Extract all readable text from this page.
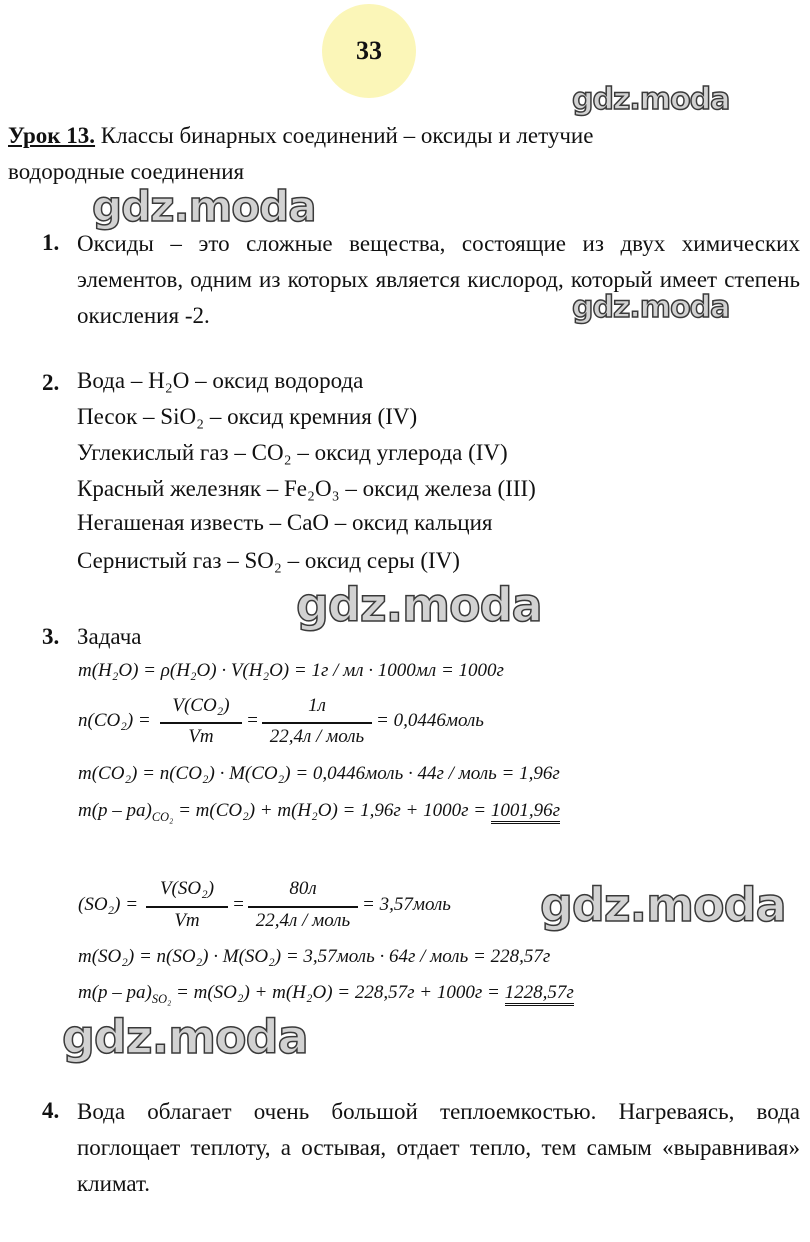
33
gdz.moda
gdz.moda
gdz.moda
gdz.moda
gdz.moda
gdz.moda
Урок 13. Классы бинарных соединений – оксиды и летучие водородные соединения
1. Оксиды – это сложные вещества, состоящие из двух химических элементов, одним из которых является кислород, который имеет степень окисления -2.
2. Вода – H₂O – оксид водорода
Песок – SiO₂ – оксид кремния (IV)
Углекислый газ – CO₂ – оксид углерода (IV)
Красный железняк – Fe₂O₃ – оксид железа (III)
Негашеная известь – CaO – оксид кальция
Сернистый газ – SO₂ – оксид серы (IV)
3. Задача
m(H₂O) = ρ(H₂O) · V(H₂O) = 1г / мл · 1000мл = 1000г
n(CO₂) =
V(CO₂)
Vm
=
1л
22,4л / моль
= 0,0446моль
m(CO₂) = n(CO₂) · M(CO₂) = 0,0446моль · 44г / моль = 1,96г
$m(p - pa)_{CO_2} = m(CO_2) + m(H_2O) = 1,96г + 1000г = 1001,96г$
(SO₂) =
V(SO₂)
Vm
=
80л
22,4л / моль
= 3,57моль
m(SO₂) = n(SO₂) · M(SO₂) = 3,57моль · 64г / моль = 228,57г
$m(p - pa)_{SO_2} = m(SO_2) + m(H_2O) = 228,57г + 1000г = 1228,57г$
4. Вода облагает очень большой теплоемкостью. Нагреваясь, вода поглощает теплоту, а остывая, отдает тепло, тем самым «выравнивая» климат.
